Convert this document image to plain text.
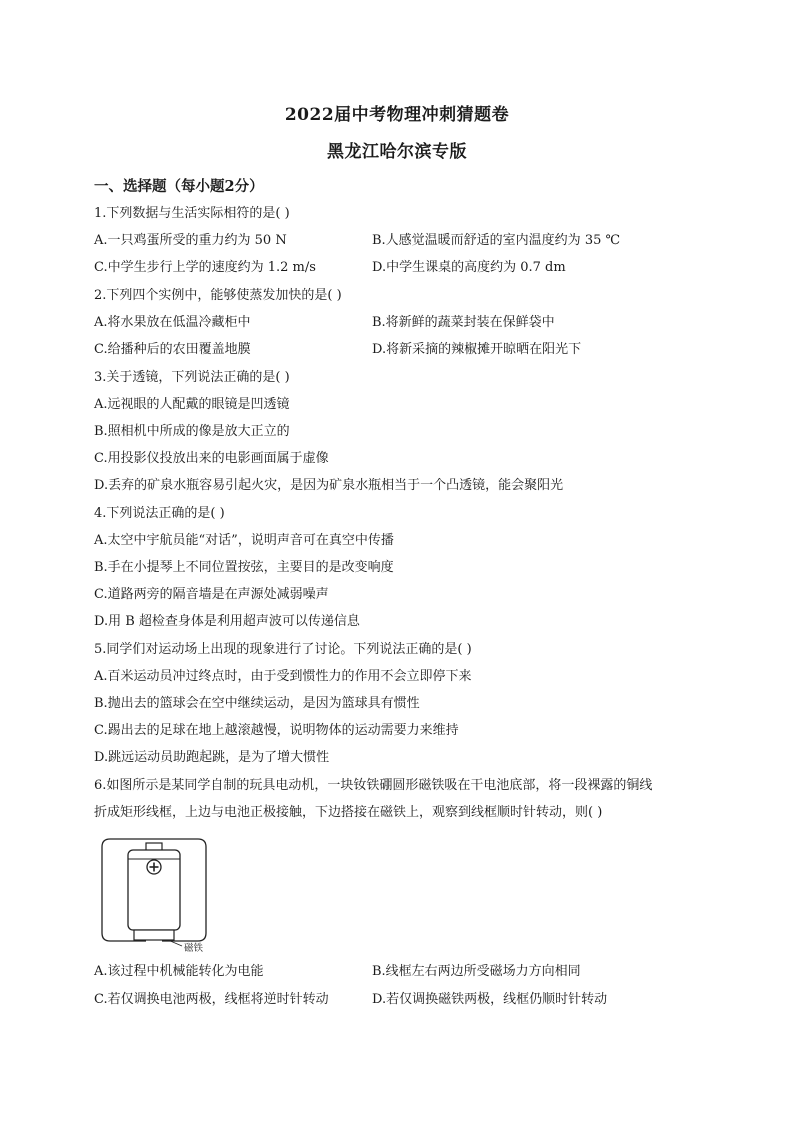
2022届中考物理冲刺猜题卷
黑龙江哈尔滨专版
一、选择题（每小题2分）
1.下列数据与生活实际相符的是( )
A.一只鸡蛋所受的重力约为 50 N	B.人感觉温暖而舒适的室内温度约为 35 ℃
C.中学生步行上学的速度约为 1.2 m/s	D.中学生课桌的高度约为 0.7 dm
2.下列四个实例中，能够使蒸发加快的是( )
A.将水果放在低温冷藏柜中	B.将新鲜的蔬菜封装在保鲜袋中
C.给播种后的农田覆盖地膜	D.将新采摘的辣椒摊开晾晒在阳光下
3.关于透镜，下列说法正确的是( )
A.远视眼的人配戴的眼镜是凹透镜
B.照相机中所成的像是放大正立的
C.用投影仪投放出来的电影画面属于虚像
D.丢弃的矿泉水瓶容易引起火灾，是因为矿泉水瓶相当于一个凸透镜，能会聚阳光
4.下列说法正确的是( )
A.太空中宇航员能“对话”，说明声音可在真空中传播
B.手在小提琴上不同位置按弦，主要目的是改变响度
C.道路两旁的隔音墙是在声源处减弱噪声
D.用 B 超检查身体是利用超声波可以传递信息
5.同学们对运动场上出现的现象进行了讨论。下列说法正确的是( )
A.百米运动员冲过终点时，由于受到惯性力的作用不会立即停下来
B.抛出去的篮球会在空中继续运动，是因为篮球具有惯性
C.踢出去的足球在地上越滚越慢，说明物体的运动需要力来维持
D.跳远运动员助跑起跳，是为了增大惯性
6.如图所示是某同学自制的玩具电动机，一块钕铁硼圆形磁铁吸在干电池底部，将一段裸露的铜线
折成矩形线框，上边与电池正极接触，下边搭接在磁铁上，观察到线框顺时针转动，则( )
磁铁
A.该过程中机械能转化为电能	B.线框左右两边所受磁场力方向相同
C.若仅调换电池两极，线框将逆时针转动	D.若仅调换磁铁两极，线框仍顺时针转动
